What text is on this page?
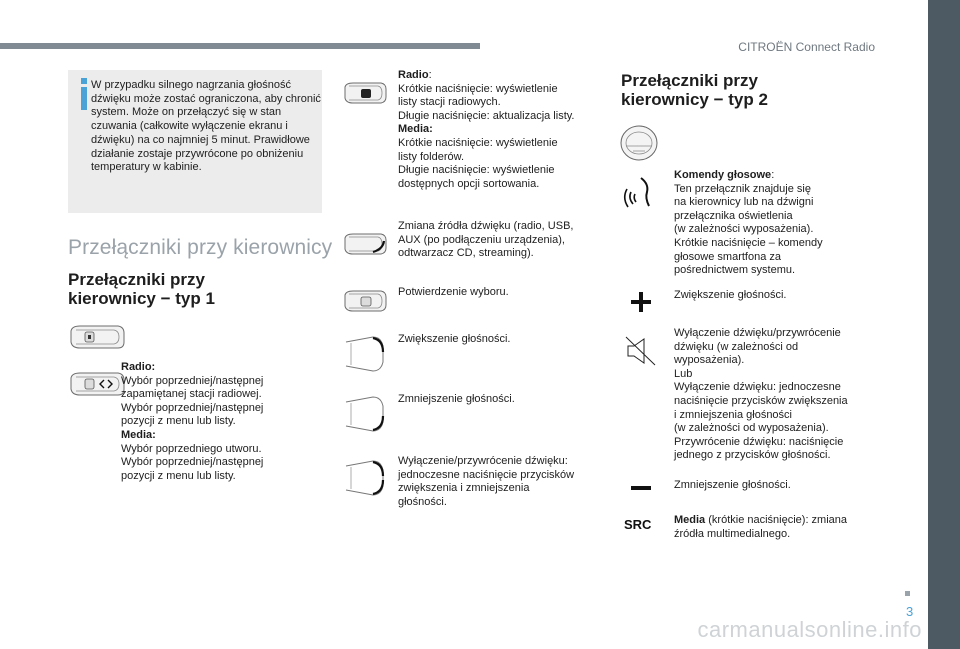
CITROËN Connect Radio
W przypadku silnego nagrzania głośność dźwięku może zostać ograniczona, aby chronić system. Może on przełączyć się w stan czuwania (całkowite wyłączenie ekranu i dźwięku) na co najmniej 5 minut. Prawidłowe działanie zostaje przywrócone po obniżeniu temperatury w kabinie.
Przełączniki przy kierownicy
Przełączniki przy
kierownicy − typ 1
Radio:
Wybór poprzedniej/następnej
zapamiętanej stacji radiowej.
Wybór poprzedniej/następnej
pozycji z menu lub listy.
Media:
Wybór poprzedniego utworu.
Wybór poprzedniej/następnej
pozycji z menu lub listy.
Radio:
Krótkie naciśnięcie: wyświetlenie
listy stacji radiowych.
Długie naciśnięcie: aktualizacja listy.
Media:
Krótkie naciśnięcie: wyświetlenie
listy folderów.
Długie naciśnięcie: wyświetlenie
dostępnych opcji sortowania.
Zmiana źródła dźwięku (radio, USB,
AUX (po podłączeniu urządzenia),
odtwarzacz CD, streaming).
Potwierdzenie wyboru.
Zwiększenie głośności.
Zmniejszenie głośności.
Wyłączenie/przywrócenie dźwięku:
jednoczesne naciśnięcie przycisków
zwiększenia i zmniejszenia
głośności.
Przełączniki przy
kierownicy − typ 2
Komendy głosowe:
Ten przełącznik znajduje się
na kierownicy lub na dźwigni
przełącznika oświetlenia
(w zależności wyposażenia).
Krótkie naciśnięcie – komendy
głosowe smartfona za
pośrednictwem systemu.
Zwiększenie głośności.
Wyłączenie dźwięku/przywrócenie
dźwięku (w zależności od
wyposażenia).
Lub
Wyłączenie dźwięku: jednoczesne
naciśnięcie przycisków zwiększenia
i zmniejszenia głośności
(w zależności od wyposażenia).
Przywrócenie dźwięku: naciśnięcie
jednego z przycisków głośności.
Zmniejszenie głośności.
SRC Media (krótkie naciśnięcie): zmiana
źródła multimedialnego.
3
carmanualsonline.info
